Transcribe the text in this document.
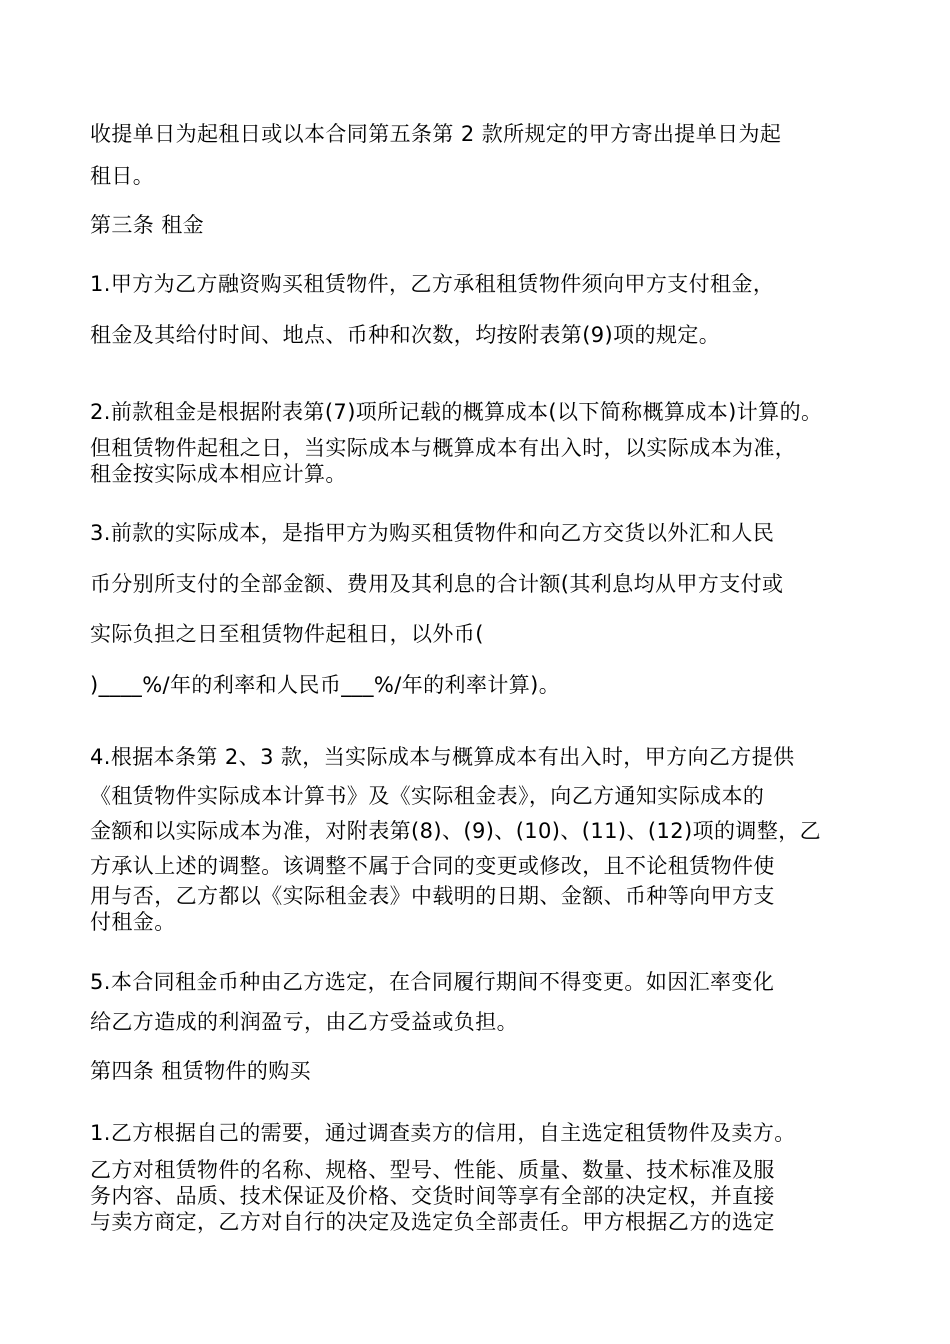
收提单日为起租日或以本合同第五条第 2 款所规定的甲方寄出提单日为起

租日。

第三条 租金

1.甲方为乙方融资购买租赁物件，乙方承租租赁物件须向甲方支付租金，

租金及其给付时间、地点、币种和次数，均按附表第(9)项的规定。

2.前款租金是根据附表第(7)项所记载的概算成本(以下简称概算成本)计算的。

但租赁物件起租之日，当实际成本与概算成本有出入时，以实际成本为准，

租金按实际成本相应计算。

3.前款的实际成本，是指甲方为购买租赁物件和向乙方交货以外汇和人民

币分别所支付的全部金额、费用及其利息的合计额(其利息均从甲方支付或

实际负担之日至租赁物件起租日，以外币(

)____%/年的利率和人民币___%/年的利率计算)。

4.根据本条第 2、3 款，当实际成本与概算成本有出入时，甲方向乙方提供

《租赁物件实际成本计算书》及《实际租金表》，向乙方通知实际成本的

金额和以实际成本为准，对附表第(8)、(9)、(10)、(11)、(12)项的调整，乙

方承认上述的调整。该调整不属于合同的变更或修改，且不论租赁物件使

用与否，乙方都以《实际租金表》中载明的日期、金额、币种等向甲方支

付租金。

5.本合同租金币种由乙方选定，在合同履行期间不得变更。如因汇率变化

给乙方造成的利润盈亏，由乙方受益或负担。

第四条 租赁物件的购买

1.乙方根据自己的需要，通过调查卖方的信用，自主选定租赁物件及卖方。

乙方对租赁物件的名称、规格、型号、性能、质量、数量、技术标准及服

务内容、品质、技术保证及价格、交货时间等享有全部的决定权，并直接

与卖方商定，乙方对自行的决定及选定负全部责任。甲方根据乙方的选定
